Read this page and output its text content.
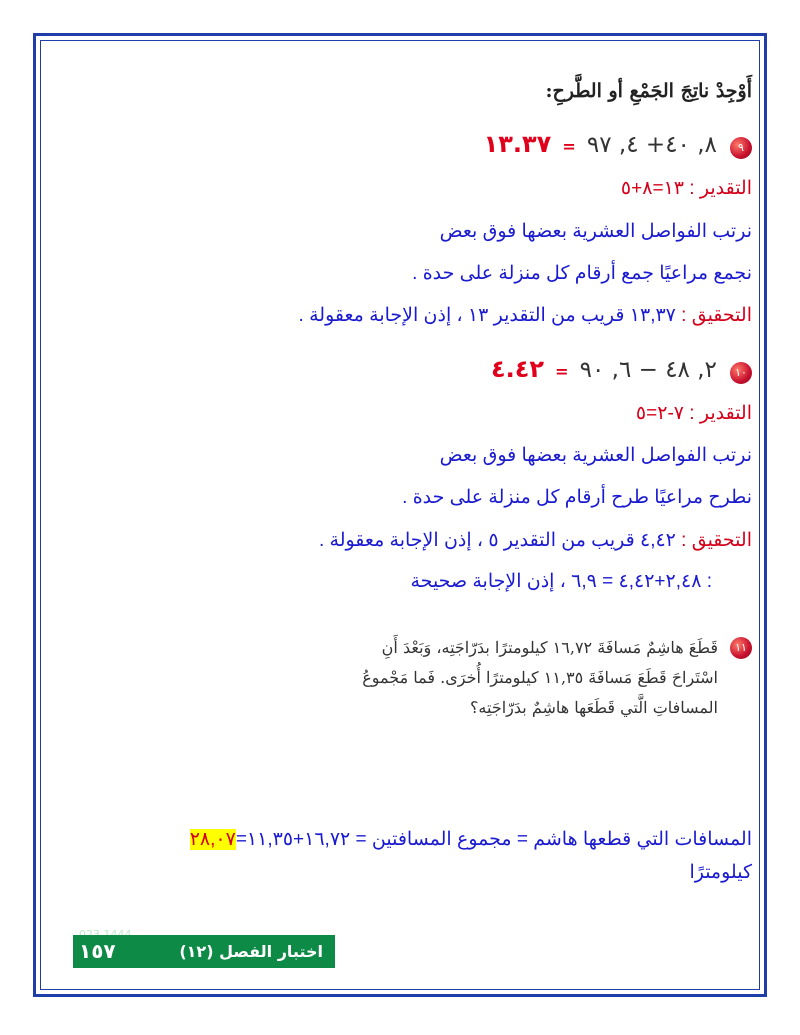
أَوْجِدْ ناتِجَ الجَمْعِ أو الطَّرحِ:
٩ ٨, ٤٠+ ٤, ٩٧ = ١٣.٣٧
التقدير : ١٣=٨+٥
نرتب الفواصل العشرية بعضها فوق بعض
نجمع مراعيًا جمع أرقام كل منزلة على حدة .
التحقيق : ١٣,٣٧ قريب من التقدير ١٣ ، إذن الإجابة معقولة .
١٠ ٢, ٤٨ − ٦, ٩٠ = ٤.٤٢
التقدير : ٧-٢=٥
نرتب الفواصل العشرية بعضها فوق بعض
نطرح مراعيًا طرح أرقام كل منزلة على حدة .
التحقيق : ٤,٤٢ قريب من التقدير ٥ ، إذن الإجابة معقولة .
: ٢,٤٨+٤,٤٢ = ٦,٩ ، إذن الإجابة صحيحة
١١
قَطَعَ هاشِمٌ مَسافَةَ ١٦,٧٢ كيلومترًا بدَرّاجَتِه، وَبَعْدَ أَنِ اسْتَراحَ قَطَعَ مَسافَةَ ١١,٣٥ كيلومترًا أُخرَى. فَما مَجْموعُ المسافاتِ الَّتي قَطَعَها هاشِمٌ بدَرّاجَتِه؟
المسافات التي قطعها هاشم = مجموع المسافتين = ١٦,٧٢+١١,٣٥=٢٨,٠٧
كيلومترًا
اختبار الفصل (١٢)
١٥٧
